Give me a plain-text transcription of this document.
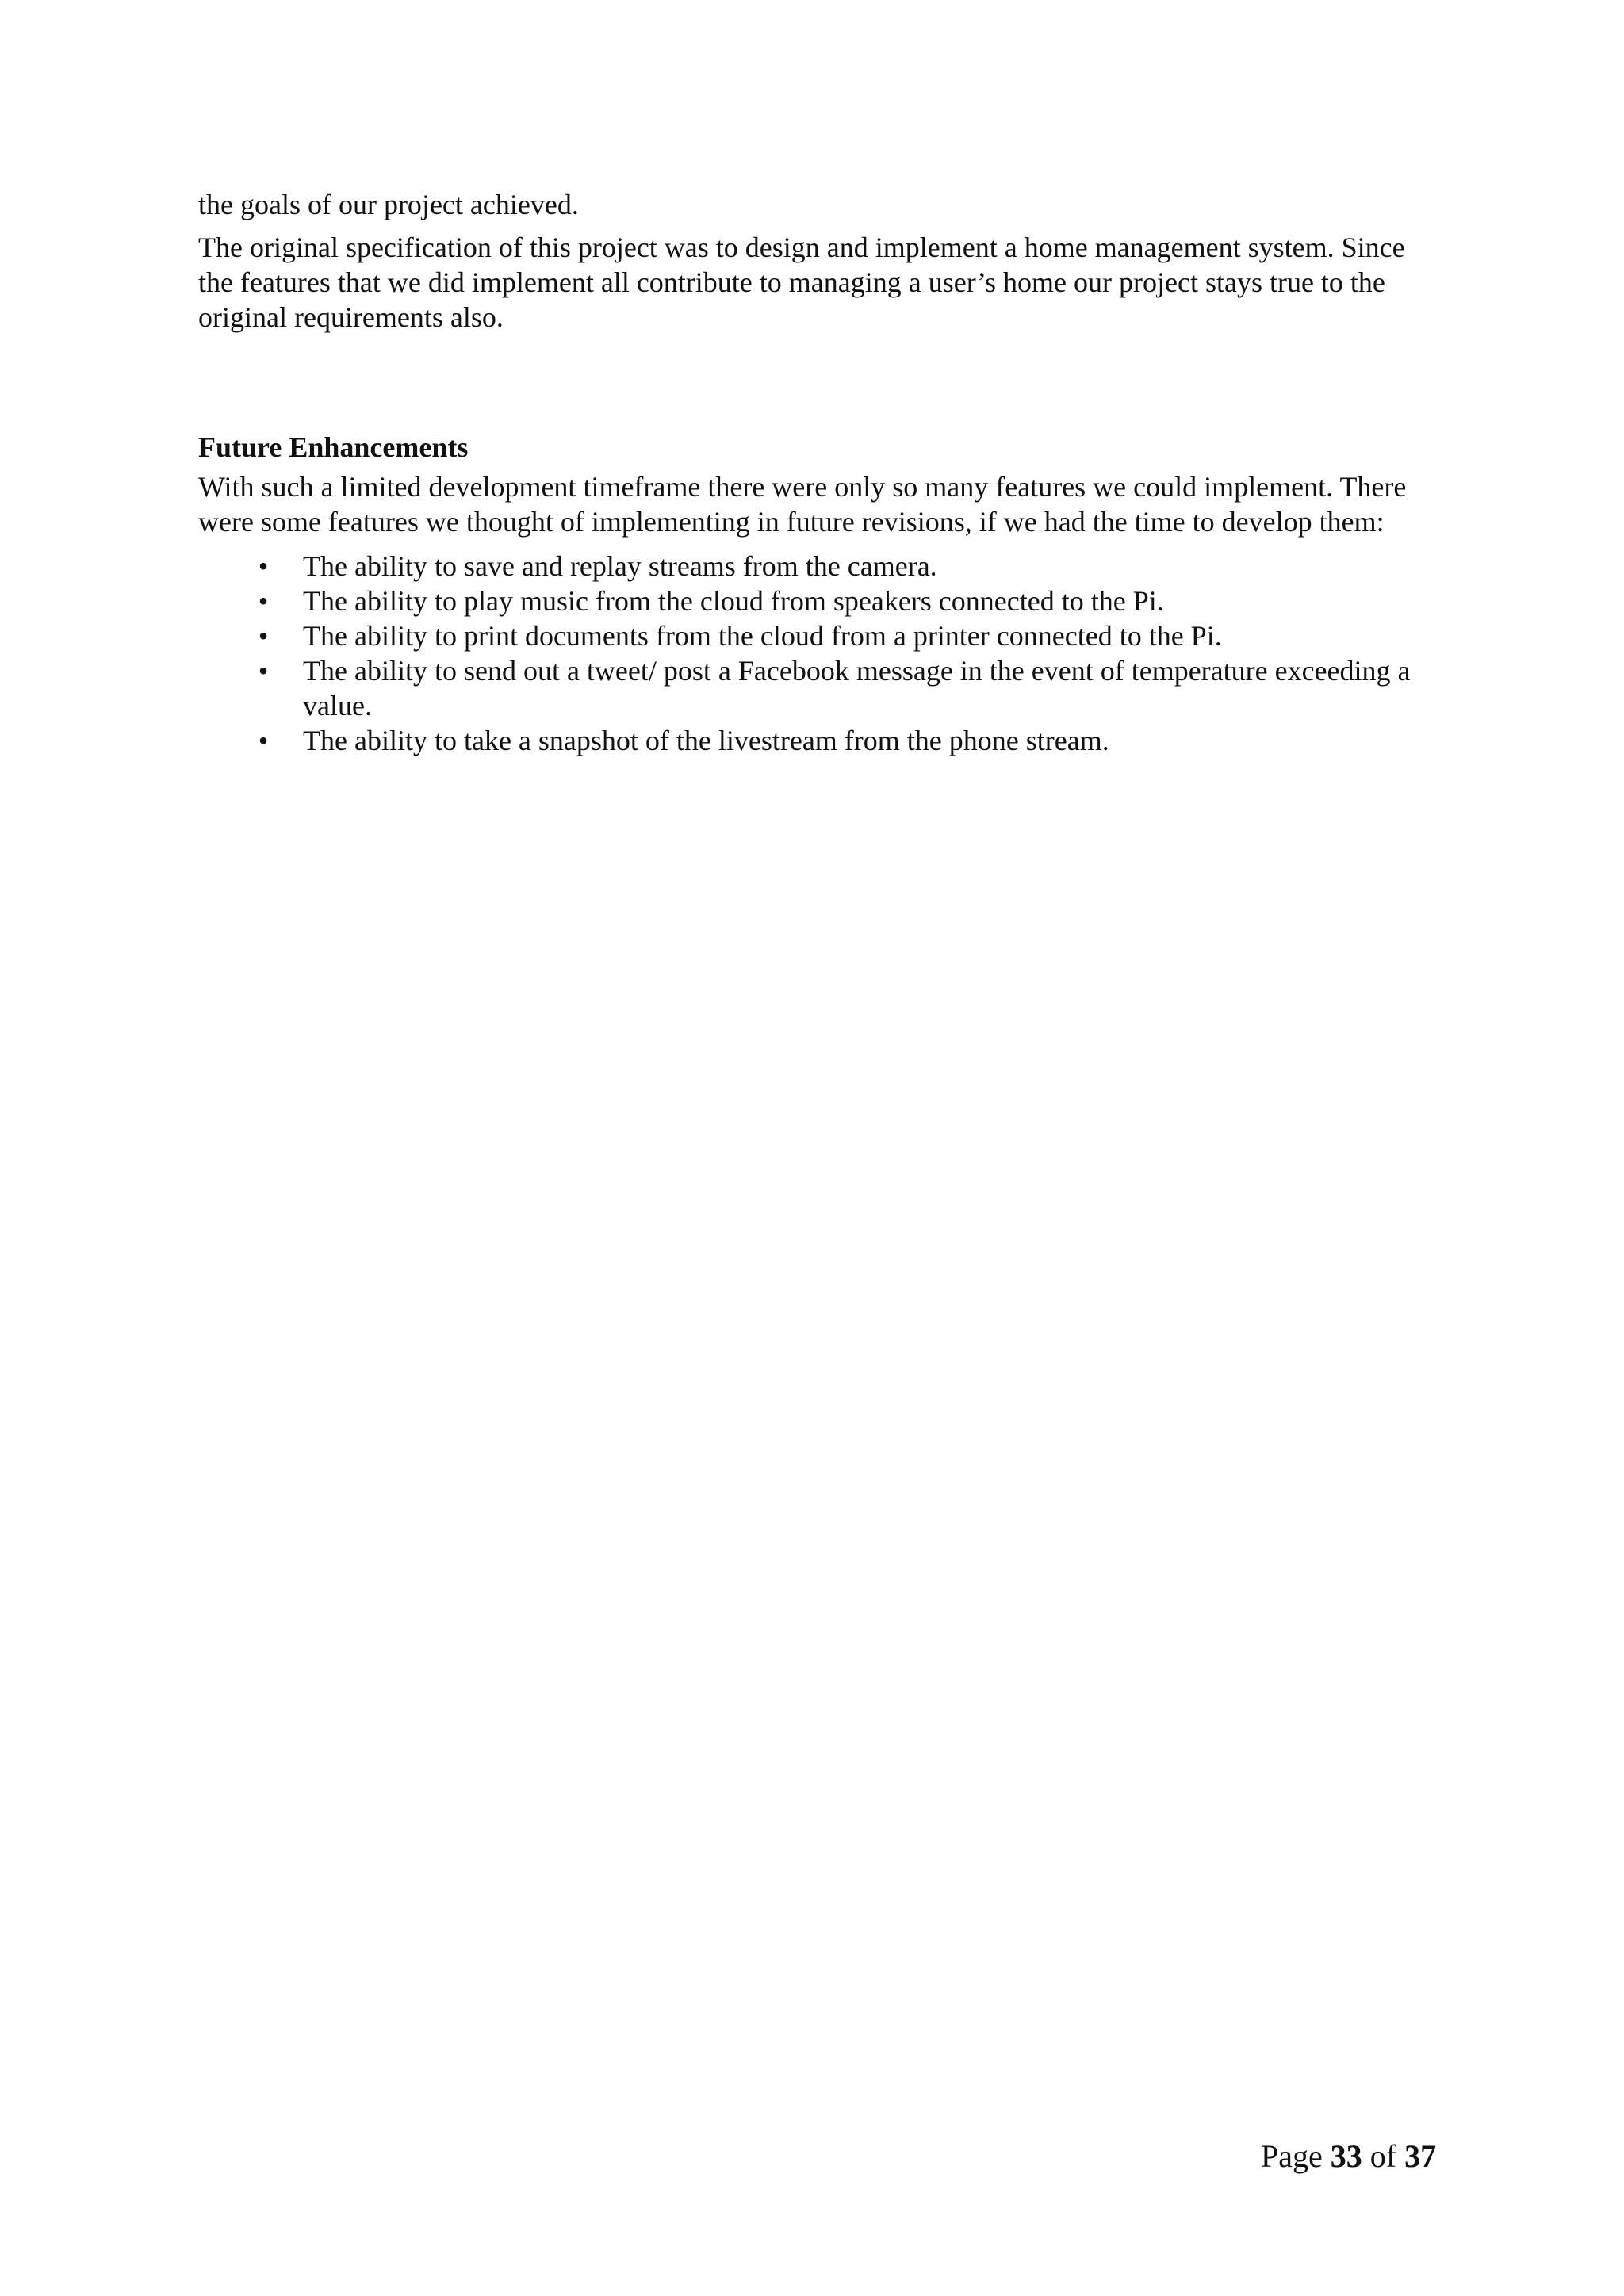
the goals of our project achieved.

The original specification of this project was to design and implement a home management system. Since the features that we did implement all contribute to managing a user’s home our project stays true to the original requirements also.

Future Enhancements

With such a limited development timeframe there were only so many features we could implement. There were some features we thought of implementing in future revisions, if we had the time to develop them:

• The ability to save and replay streams from the camera.
• The ability to play music from the cloud from speakers connected to the Pi.
• The ability to print documents from the cloud from a printer connected to the Pi.
• The ability to send out a tweet/ post a Facebook message in the event of temperature exceeding a value.
• The ability to take a snapshot of the livestream from the phone stream.
Page 33 of 37
